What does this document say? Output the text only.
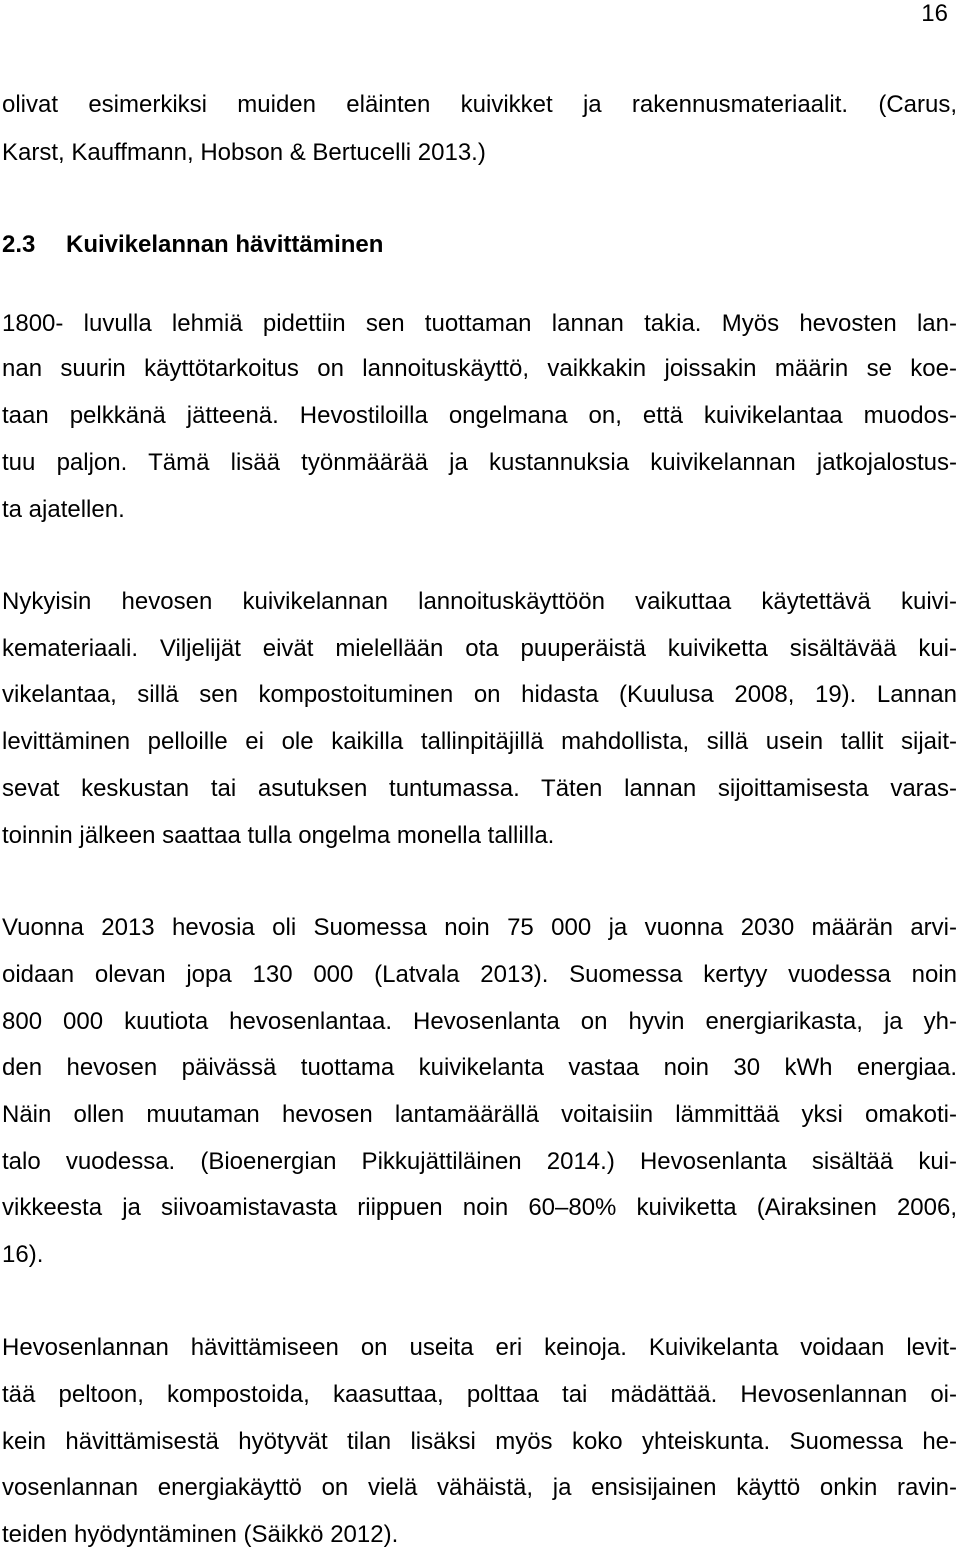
16
olivat esimerkiksi muiden eläinten kuivikket ja rakennusmateriaalit. (Carus,
Karst, Kauffmann, Hobson & Bertucelli 2013.)
2.3 Kuivikelannan hävittäminen
1800- luvulla lehmiä pidettiin sen tuottaman lannan takia. Myös hevosten lan-
nan suurin käyttötarkoitus on lannoituskäyttö, vaikkakin joissakin määrin se koe-
taan pelkkänä jätteenä. Hevostiloilla ongelmana on, että kuivikelantaa muodos-
tuu paljon. Tämä lisää työnmäärää ja kustannuksia kuivikelannan jatkojalostus-
ta ajatellen.
Nykyisin hevosen kuivikelannan lannoituskäyttöön vaikuttaa käytettävä kuivi-
kemateriaali. Viljelijät eivät mielellään ota puuperäistä kuiviketta sisältävää kui-
vikelantaa, sillä sen kompostoituminen on hidasta (Kuulusa 2008, 19). Lannan
levittäminen pelloille ei ole kaikilla tallinpitäjillä mahdollista, sillä usein tallit sijait-
sevat keskustan tai asutuksen tuntumassa. Täten lannan sijoittamisesta varas-
toinnin jälkeen saattaa tulla ongelma monella tallilla.
Vuonna 2013 hevosia oli Suomessa noin 75 000 ja vuonna 2030 määrän arvi-
oidaan olevan jopa 130 000 (Latvala 2013). Suomessa kertyy vuodessa noin
800 000 kuutiota hevosenlantaa. Hevosenlanta on hyvin energiarikasta, ja yh-
den hevosen päivässä tuottama kuivikelanta vastaa noin 30 kWh energiaa.
Näin ollen muutaman hevosen lantamäärällä voitaisiin lämmittää yksi omakoti-
talo vuodessa. (Bioenergian Pikkujättiläinen 2014.) Hevosenlanta sisältää kui-
vikkeesta ja siivoamistavasta riippuen noin 60–80% kuiviketta (Airaksinen 2006,
16).
Hevosenlannan hävittämiseen on useita eri keinoja. Kuivikelanta voidaan levit-
tää peltoon, kompostoida, kaasuttaa, polttaa tai mädättää. Hevosenlannan oi-
kein hävittämisestä hyötyvät tilan lisäksi myös koko yhteiskunta. Suomessa he-
vosenlannan energiakäyttö on vielä vähäistä, ja ensisijainen käyttö onkin ravin-
teiden hyödyntäminen (Säikkö 2012).
